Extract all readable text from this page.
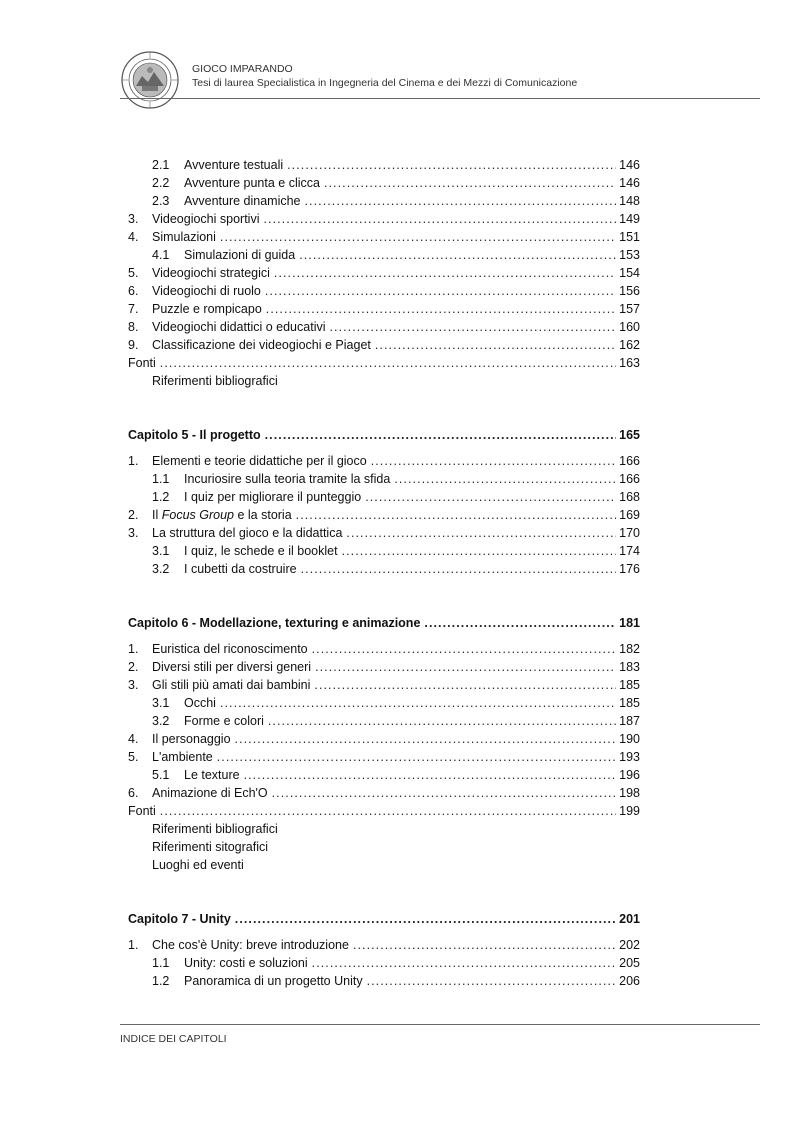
GIOCO IMPARANDO
Tesi di laurea Specialistica in Ingegneria del Cinema e dei Mezzi di Comunicazione
2.1	Avventure testuali . . .	146
2.2	Avventure punta e clicca . . .	146
2.3	Avventure dinamiche . . .	148
3.	Videogiochi sportivi . . .	149
4.	Simulazioni . . .	151
4.1	Simulazioni di guida . . .	153
5.	Videogiochi strategici . . .	154
6.	Videogiochi di ruolo . . .	156
7.	Puzzle e rompicapo . . .	157
8.	Videogiochi didattici o educativi . . .	160
9.	Classificazione dei videogiochi e Piaget . . .	162
Fonti . . .	163
Riferimenti bibliografici
Capitolo 5 - Il progetto . . .	165
1.	Elementi e teorie didattiche per il gioco . . .	166
1.1	Incuriosire sulla teoria tramite la sfida . . .	166
1.2	I quiz per migliorare il punteggio . . .	168
2.	Il Focus Group e la storia . . .	169
3.	La struttura del gioco e la didattica . . .	170
3.1	I quiz, le schede e il booklet . . .	174
3.2	I cubetti da costruire . . .	176
Capitolo 6 - Modellazione, texturing e animazione . . .	181
1.	Euristica del riconoscimento . . .	182
2.	Diversi stili per diversi generi . . .	183
3.	Gli stili più amati dai bambini . . .	185
3.1	Occhi . . .	185
3.2	Forme e colori . . .	187
4.	Il personaggio . . .	190
5.	L'ambiente . . .	193
5.1	Le texture . . .	196
6.	Animazione di Ech'O . . .	198
Fonti . . .	199
Riferimenti bibliografici
Riferimenti sitografici
Luoghi ed eventi
Capitolo 7 - Unity . . .	201
1.	Che cos'è Unity: breve introduzione . . .	202
1.1	Unity: costi e soluzioni . . .	205
1.2	Panoramica di un progetto Unity . . .	206
INDICE DEI CAPITOLI
